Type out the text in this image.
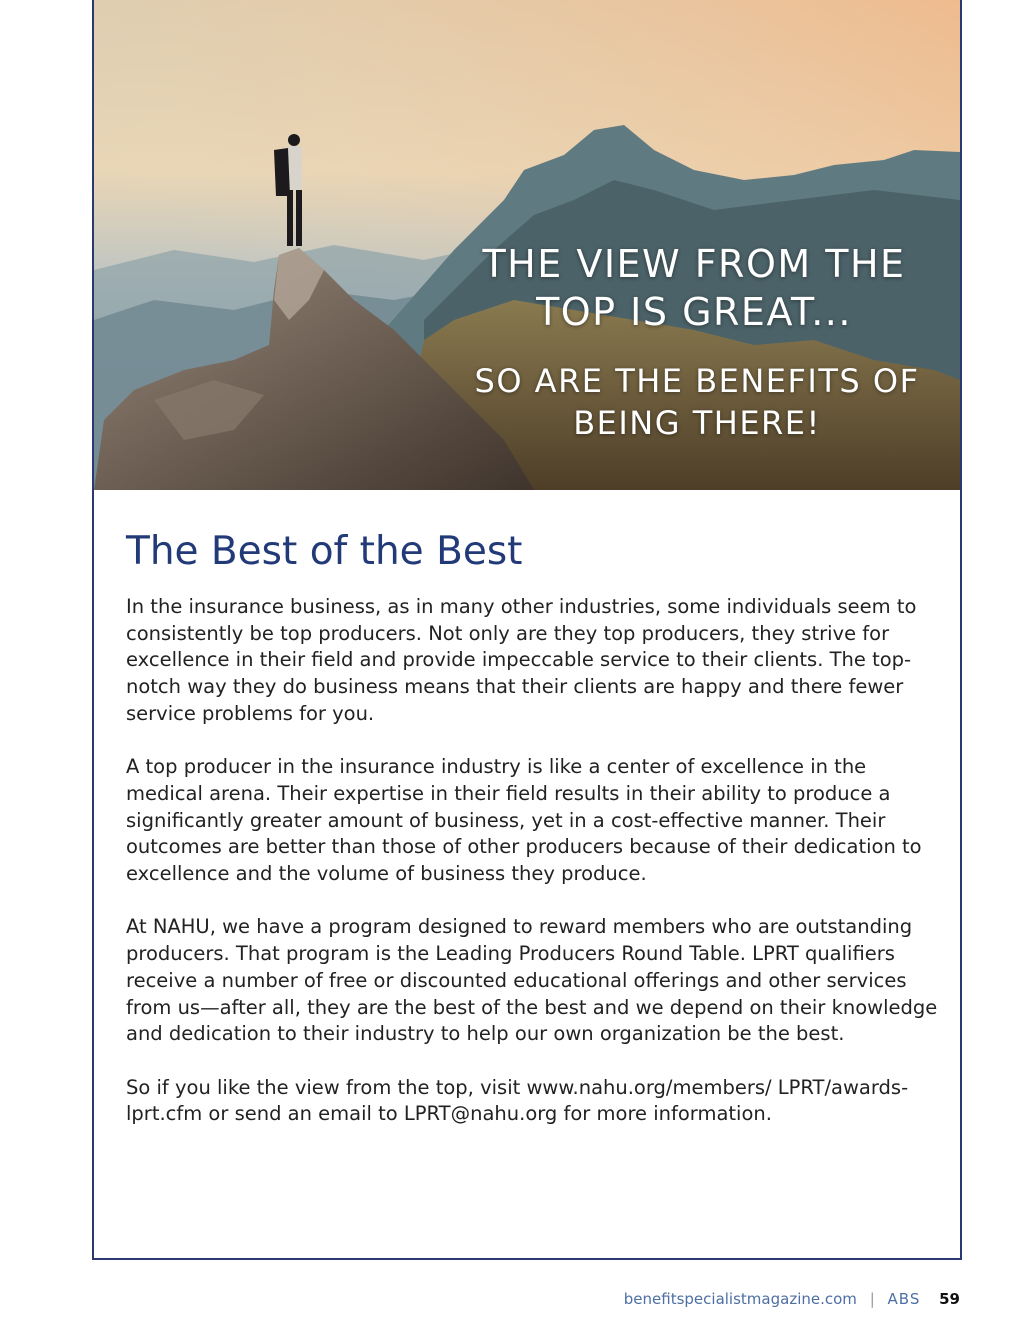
THE VIEW FROM THE
TOP IS GREAT...
SO ARE THE BENEFITS OF
BEING THERE!
The Best of the Best

In the insurance business, as in many other industries, some individuals seem to consistently be top producers. Not only are they top producers, they strive for excellence in their field and provide impeccable service to their clients. The top-notch way they do business means that their clients are happy and there fewer service problems for you.

A top producer in the insurance industry is like a center of excellence in the medical arena. Their expertise in their field results in their ability to produce a significantly greater amount of business, yet in a cost-effective manner. Their outcomes are better than those of other producers because of their dedication to excellence and the volume of business they produce.

At NAHU, we have a program designed to reward members who are outstanding producers. That program is the Leading Producers Round Table. LPRT qualifiers receive a number of free or discounted educational offerings and other services from us—after all, they are the best of the best and we depend on their knowledge and dedication to their industry to help our own organization be the best.

So if you like the view from the top, visit www.nahu.org/members/ LPRT/awards-lprt.cfm or send an email to LPRT@nahu.org for more information.

benefitspecialistmagazine.com | ABS 59
